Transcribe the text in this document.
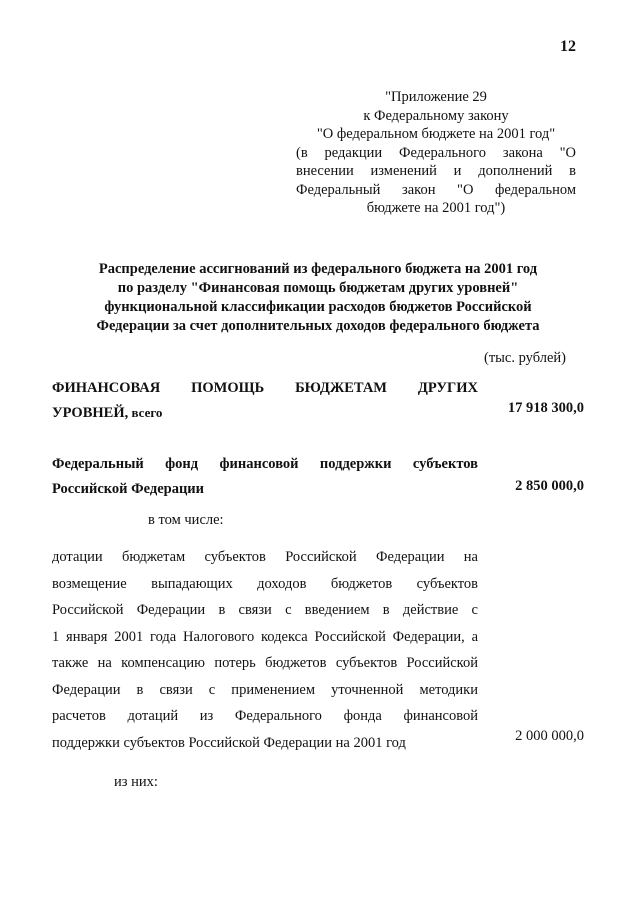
12
"Приложение 29
к Федеральному закону
"О федеральном бюджете на 2001 год"
(в редакции Федерального закона "О
внесении изменений и дополнений в
Федеральный закон "О федеральном
бюджете на 2001 год")
Распределение ассигнований из федерального бюджета на 2001 год
по разделу "Финансовая помощь бюджетам других уровней"
функциональной классификации расходов бюджетов Российской
Федерации за счет дополнительных доходов федерального бюджета
(тыс. рублей)
ФИНАНСОВАЯ ПОМОЩЬ БЮДЖЕТАМ ДРУГИХ
УРОВНЕЙ, всего	17 918 300,0
Федеральный фонд финансовой поддержки субъектов
Российской Федерации	2 850 000,0
в том числе:
дотации бюджетам субъектов Российской Федерации на
возмещение выпадающих доходов бюджетов субъектов
Российской Федерации в связи с введением в действие с
1 января 2001 года Налогового кодекса Российской Федерации, а
также на компенсацию потерь бюджетов субъектов Российской
Федерации в связи с применением уточненной методики
расчетов дотаций из Федерального фонда финансовой
поддержки субъектов Российской Федерации на 2001 год	2 000 000,0
из них:
